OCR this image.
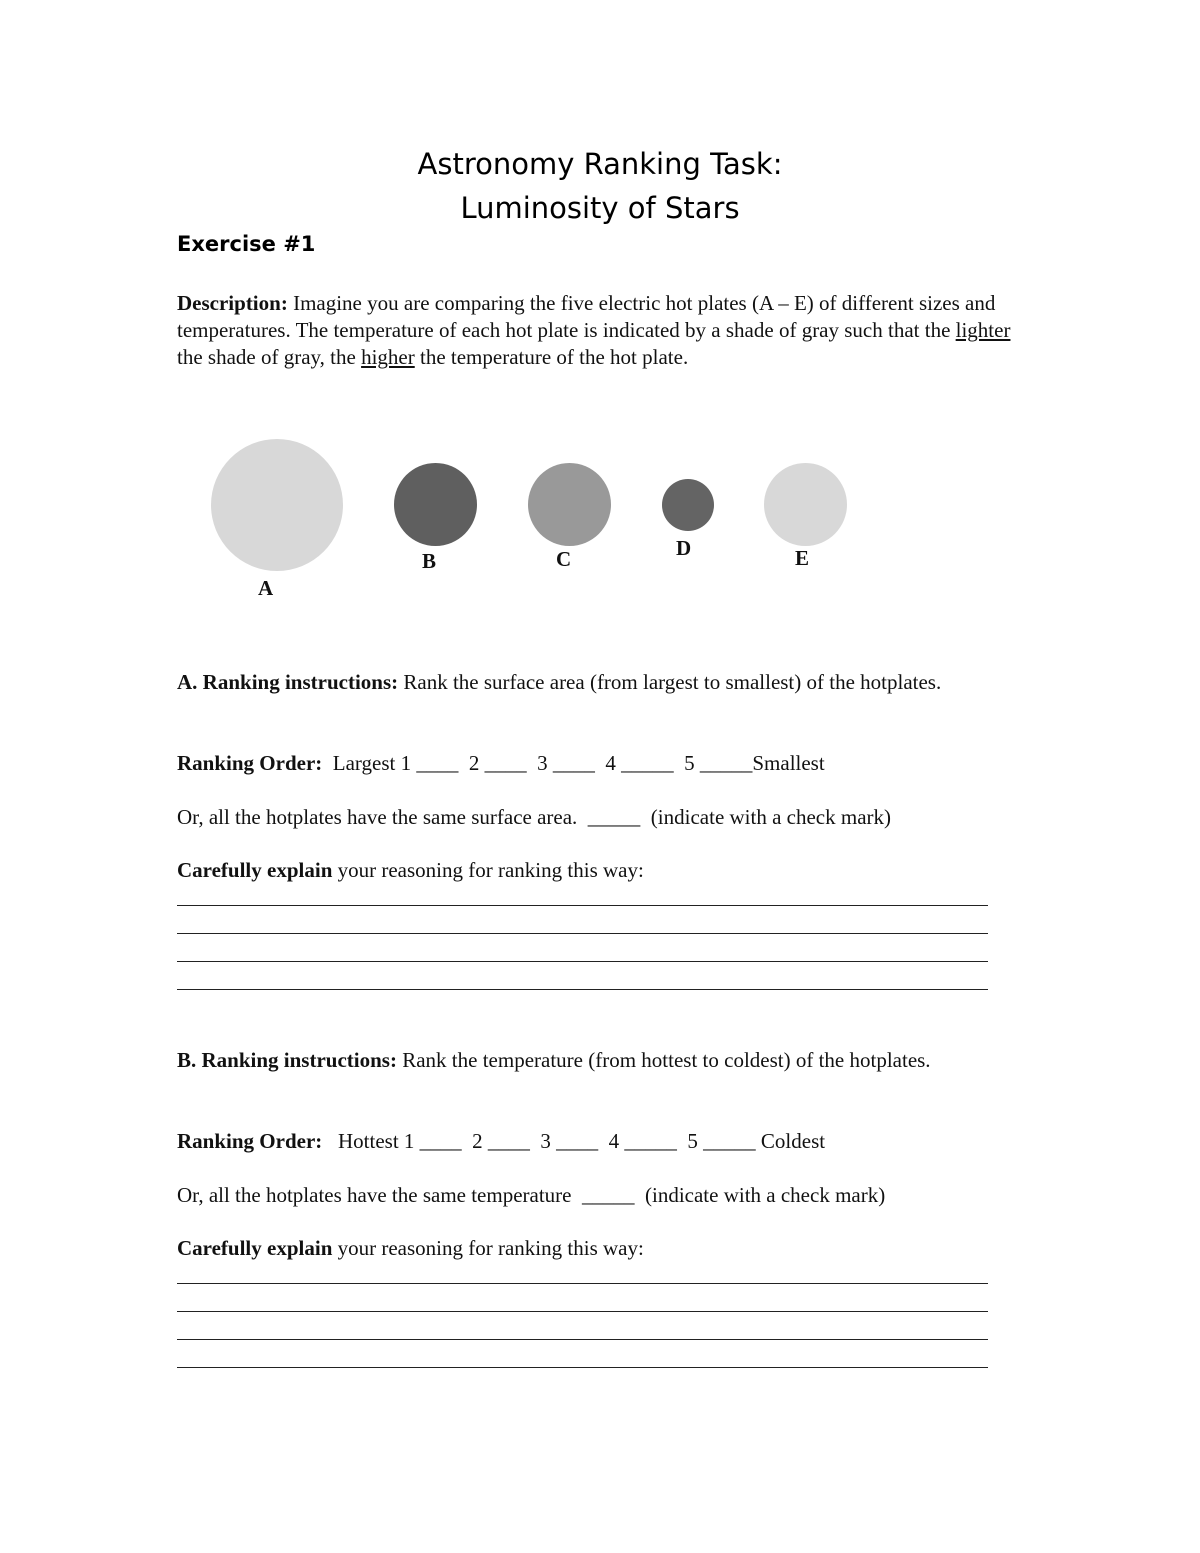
Astronomy Ranking Task:
Luminosity of Stars
Exercise #1
Description: Imagine you are comparing the five electric hot plates (A – E) of different sizes and temperatures. The temperature of each hot plate is indicated by a shade of gray such that the lighter the shade of gray, the higher the temperature of the hot plate.
A
B	C	D	E
A. Ranking instructions: Rank the surface area (from largest to smallest) of the hotplates.
Ranking Order:  Largest 1 ____  2 ____  3 ____  4 _____  5 _____Smallest
Or, all the hotplates have the same surface area.  _____  (indicate with a check mark)
Carefully explain your reasoning for ranking this way:
B. Ranking instructions: Rank the temperature (from hottest to coldest) of the hotplates.
Ranking Order:   Hottest 1 ____  2 ____  3 ____  4 _____  5 _____ Coldest
Or, all the hotplates have the same temperature  _____  (indicate with a check mark)
Carefully explain your reasoning for ranking this way:
